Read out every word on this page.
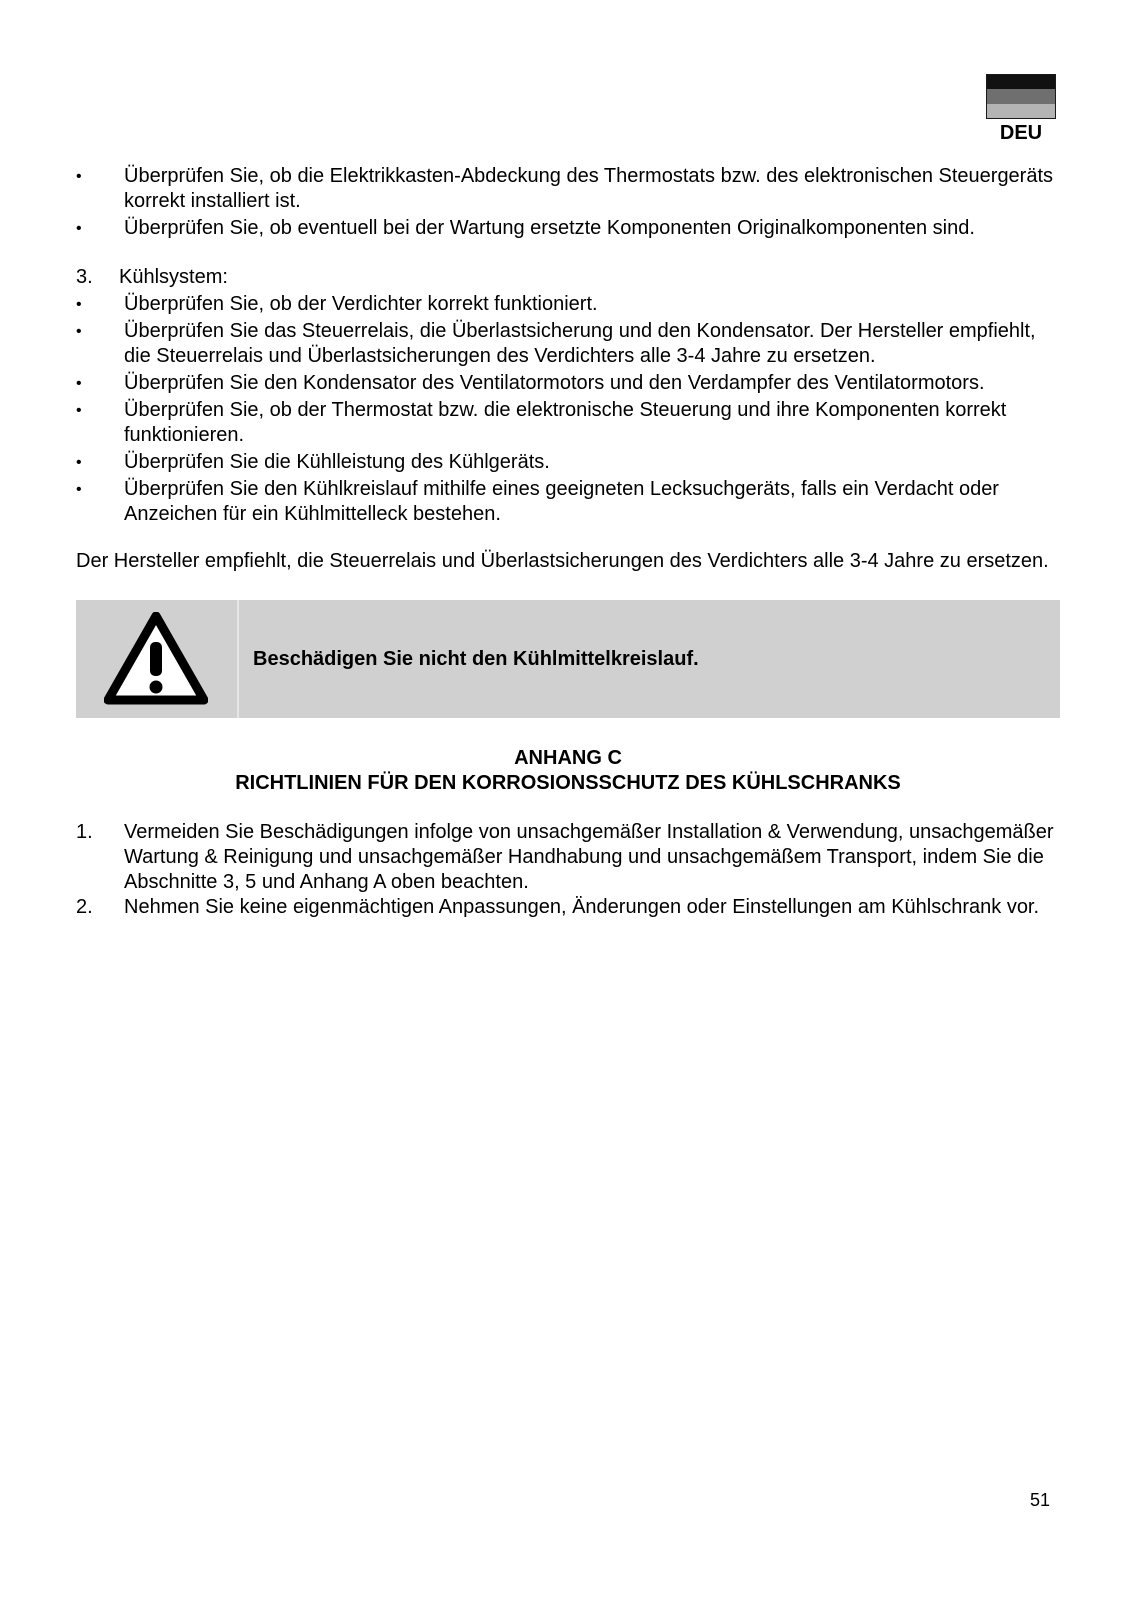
DEU
• Überprüfen Sie, ob die Elektrikkasten-Abdeckung des Thermostats bzw. des elektronischen Steuergeräts korrekt installiert ist.
• Überprüfen Sie, ob eventuell bei der Wartung ersetzte Komponenten Originalkomponenten sind.
3. Kühlsystem:
• Überprüfen Sie, ob der Verdichter korrekt funktioniert.
• Überprüfen Sie das Steuerrelais, die Überlastsicherung und den Kondensator. Der Hersteller empfiehlt, die Steuerrelais und Überlastsicherungen des Verdichters alle 3-4 Jahre zu ersetzen.
• Überprüfen Sie den Kondensator des Ventilatormotors und den Verdampfer des Ventilatormotors.
• Überprüfen Sie, ob der Thermostat bzw. die elektronische Steuerung und ihre Komponenten korrekt funktionieren.
• Überprüfen Sie die Kühlleistung des Kühlgeräts.
• Überprüfen Sie den Kühlkreislauf mithilfe eines geeigneten Lecksuchgeräts, falls ein Verdacht oder Anzeichen für ein Kühlmittelleck bestehen.
Der Hersteller empfiehlt, die Steuerrelais und Überlastsicherungen des Verdichters alle 3-4 Jahre zu ersetzen.
Beschädigen Sie nicht den Kühlmittelkreislauf.
ANHANG C
RICHTLINIEN FÜR DEN KORROSIONSSCHUTZ DES KÜHLSCHRANKS
1. Vermeiden Sie Beschädigungen infolge von unsachgemäßer Installation & Verwendung, unsachgemäßer Wartung & Reinigung und unsachgemäßer Handhabung und unsachgemäßem Transport, indem Sie die Abschnitte 3, 5 und Anhang A oben beachten.
2. Nehmen Sie keine eigenmächtigen Anpassungen, Änderungen oder Einstellungen am Kühlschrank vor.
51
